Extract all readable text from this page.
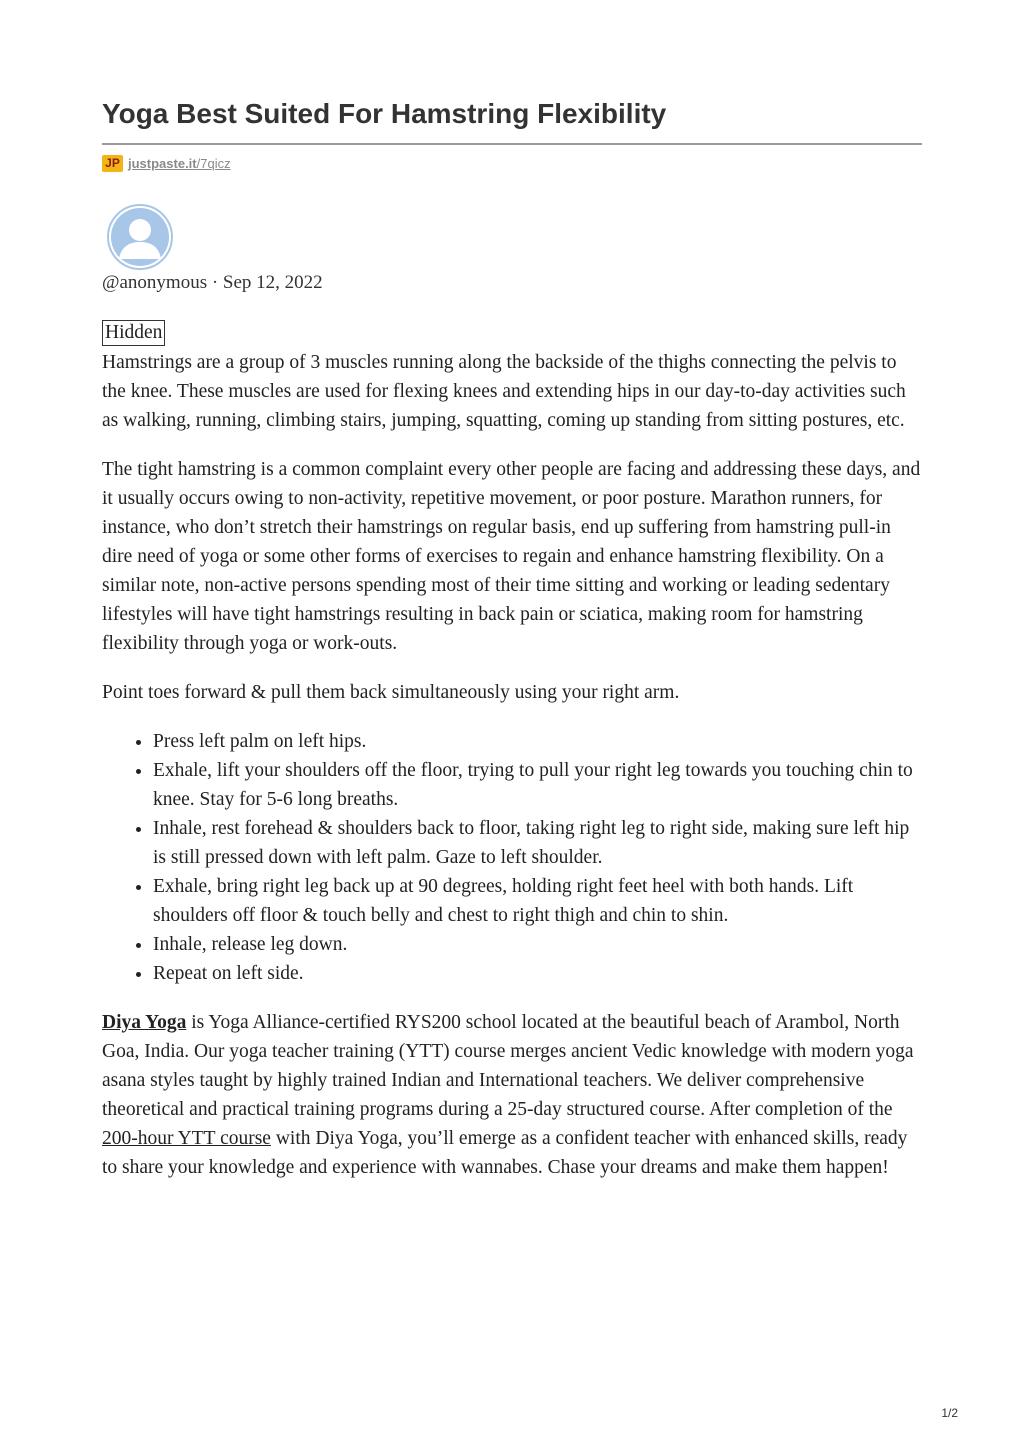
Yoga Best Suited For Hamstring Flexibility
JP justpaste.it /7qicz
@anonymous · Sep 12, 2022
Hidden

Hamstrings are a group of 3 muscles running along the backside of the thighs connecting the pelvis to the knee. These muscles are used for flexing knees and extending hips in our day-to-day activities such as walking, running, climbing stairs, jumping, squatting, coming up standing from sitting postures, etc.

The tight hamstring is a common complaint every other people are facing and addressing these days, and it usually occurs owing to non-activity, repetitive movement, or poor posture. Marathon runners, for instance, who don’t stretch their hamstrings on regular basis, end up suffering from hamstring pull-in dire need of yoga or some other forms of exercises to regain and enhance hamstring flexibility. On a similar note, non-active persons spending most of their time sitting and working or leading sedentary lifestyles will have tight hamstrings resulting in back pain or sciatica, making room for hamstring flexibility through yoga or work-outs.

Point toes forward & pull them back simultaneously using your right arm.

• Press left palm on left hips.
• Exhale, lift your shoulders off the floor, trying to pull your right leg towards you touching chin to knee. Stay for 5-6 long breaths.
• Inhale, rest forehead & shoulders back to floor, taking right leg to right side, making sure left hip is still pressed down with left palm. Gaze to left shoulder.
• Exhale, bring right leg back up at 90 degrees, holding right feet heel with both hands. Lift shoulders off floor & touch belly and chest to right thigh and chin to shin.
• Inhale, release leg down.
• Repeat on left side.

Diya Yoga is Yoga Alliance-certified RYS200 school located at the beautiful beach of Arambol, North Goa, India. Our yoga teacher training (YTT) course merges ancient Vedic knowledge with modern yoga asana styles taught by highly trained Indian and International teachers. We deliver comprehensive theoretical and practical training programs during a 25-day structured course. After completion of the 200-hour YTT course with Diya Yoga, you’ll emerge as a confident teacher with enhanced skills, ready to share your knowledge and experience with wannabes. Chase your dreams and make them happen!

1/2
